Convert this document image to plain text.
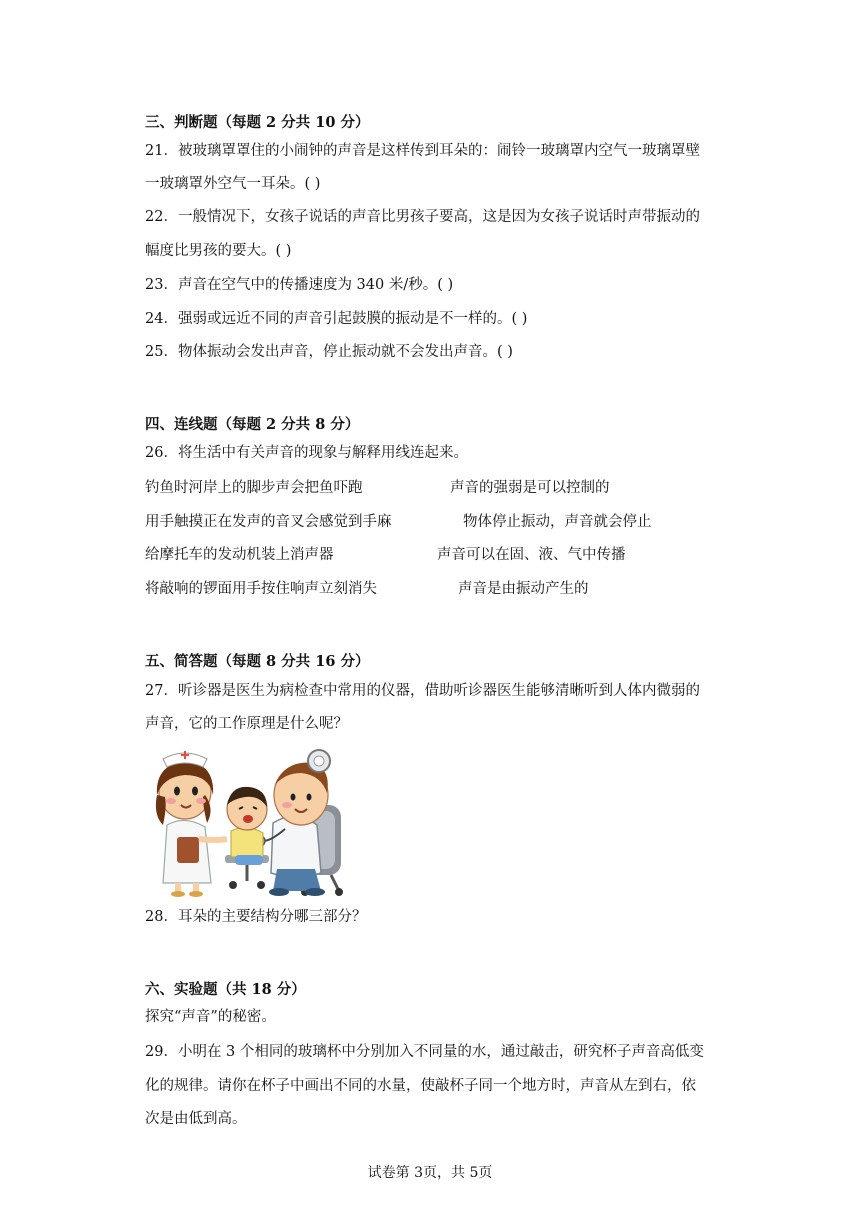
三、判断题（每题 2 分共 10 分）
21．被玻璃罩罩住的小闹钟的声音是这样传到耳朵的：闹铃一玻璃罩内空气一玻璃罩壁
一玻璃罩外空气一耳朵。( )
22．一般情况下，女孩子说话的声音比男孩子要高，这是因为女孩子说话时声带振动的
幅度比男孩的要大。( )
23．声音在空气中的传播速度为 340 米/秒。( )
24．强弱或远近不同的声音引起鼓膜的振动是不一样的。( )
25．物体振动会发出声音，停止振动就不会发出声音。( )
四、连线题（每题 2 分共 8 分）
26．将生活中有关声音的现象与解释用线连起来。
钓鱼时河岸上的脚步声会把鱼吓跑	声音的强弱是可以控制的
用手触摸正在发声的音叉会感觉到手麻	物体停止振动，声音就会停止
给摩托车的发动机装上消声器	声音可以在固、液、气中传播
将敲响的锣面用手按住响声立刻消失	声音是由振动产生的
五、简答题（每题 8 分共 16 分）
27．听诊器是医生为病检查中常用的仪器，借助听诊器医生能够清晰听到人体内微弱的
声音，它的工作原理是什么呢？
28．耳朵的主要结构分哪三部分？
六、实验题（共 18 分）
探究“声音”的秘密。
29．小明在 3 个相同的玻璃杯中分别加入不同量的水，通过敲击，研究杯子声音高低变
化的规律。请你在杯子中画出不同的水量，使敲杯子同一个地方时，声音从左到右，依
次是由低到高。
试卷第 3页，共 5页
